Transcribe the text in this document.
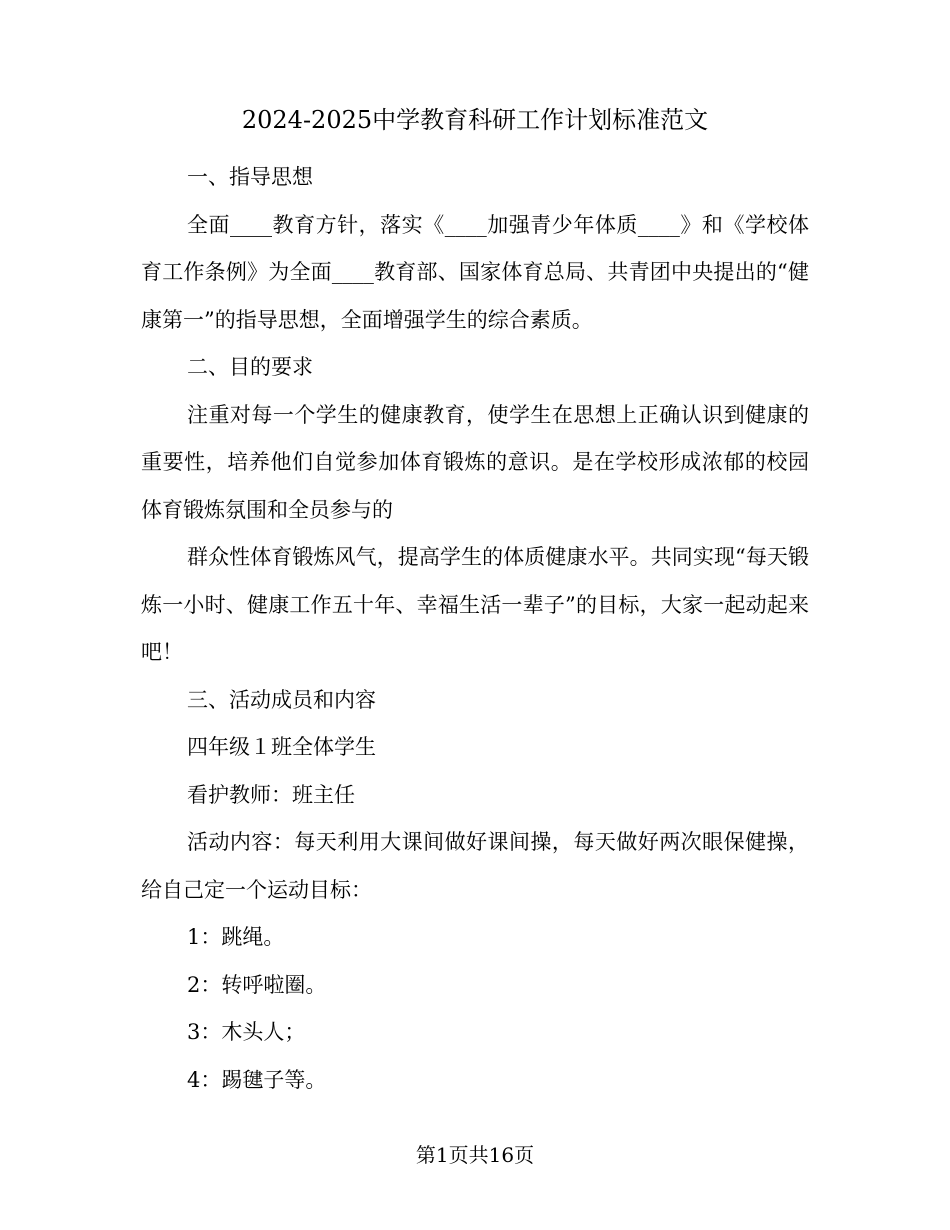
2024-2025中学教育科研工作计划标准范文

一、指导思想

全面____教育方针，落实《____加强青少年体质____》和《学校体育工作条例》为全面____教育部、国家体育总局、共青团中央提出的“健康第一”的指导思想，全面增强学生的综合素质。

二、目的要求

注重对每一个学生的健康教育，使学生在思想上正确认识到健康的重要性，培养他们自觉参加体育锻炼的意识。是在学校形成浓郁的校园体育锻炼氛围和全员参与的

群众性体育锻炼风气，提高学生的体质健康水平。共同实现“每天锻炼一小时、健康工作五十年、幸福生活一辈子”的目标，大家一起动起来吧！

三、活动成员和内容

四年级１班全体学生

看护教师：班主任

活动内容：每天利用大课间做好课间操，每天做好两次眼保健操，给自己定一个运动目标：

1：跳绳。

2：转呼啦圈。

3：木头人；

4：踢毽子等。

第1页共16页
